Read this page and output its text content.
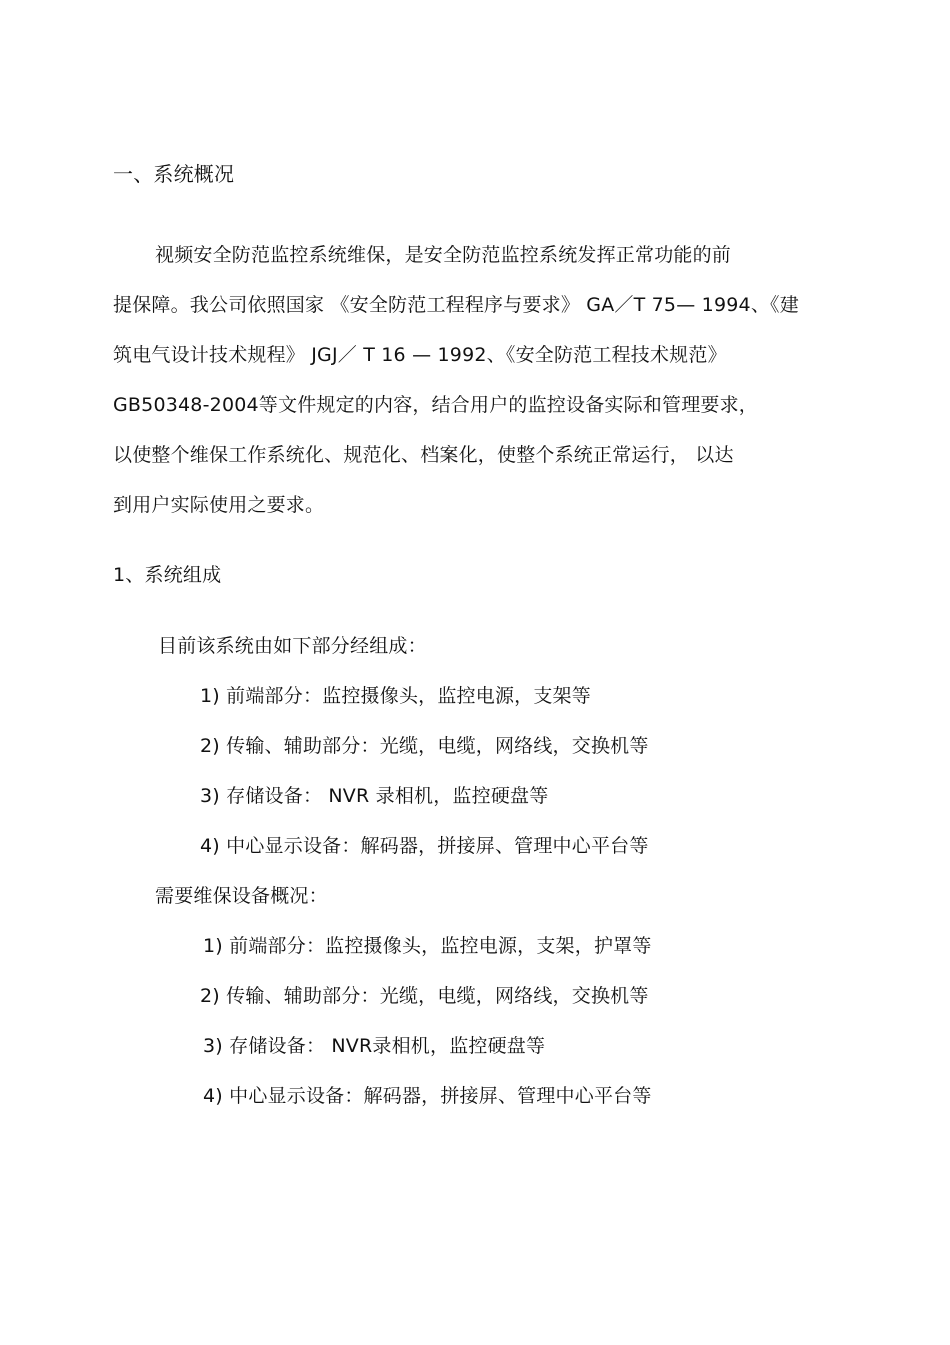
一、系统概况
视频安全防范监控系统维保，是安全防范监控系统发挥正常功能的前
提保障。我公司依照国家 《安全防范工程程序与要求》 GA／T 75— 1994、《建
筑电气设计技术规程》 JGJ／ T 16 — 1992、《安全防范工程技术规范》
GB50348-2004等文件规定的内容，结合用户的监控设备实际和管理要求，
以使整个维保工作系统化、规范化、档案化，使整个系统正常运行， 以达
到用户实际使用之要求。
1、系统组成
目前该系统由如下部分经组成：
1) 前端部分：监控摄像头，监控电源，支架等
2) 传输、辅助部分：光缆，电缆，网络线，交换机等
3) 存储设备： NVR 录相机，监控硬盘等
4) 中心显示设备：解码器，拼接屏、管理中心平台等
需要维保设备概况：
1) 前端部分：监控摄像头，监控电源，支架，护罩等
2) 传输、辅助部分：光缆，电缆，网络线，交换机等
3) 存储设备： NVR录相机，监控硬盘等
4) 中心显示设备：解码器，拼接屏、管理中心平台等
